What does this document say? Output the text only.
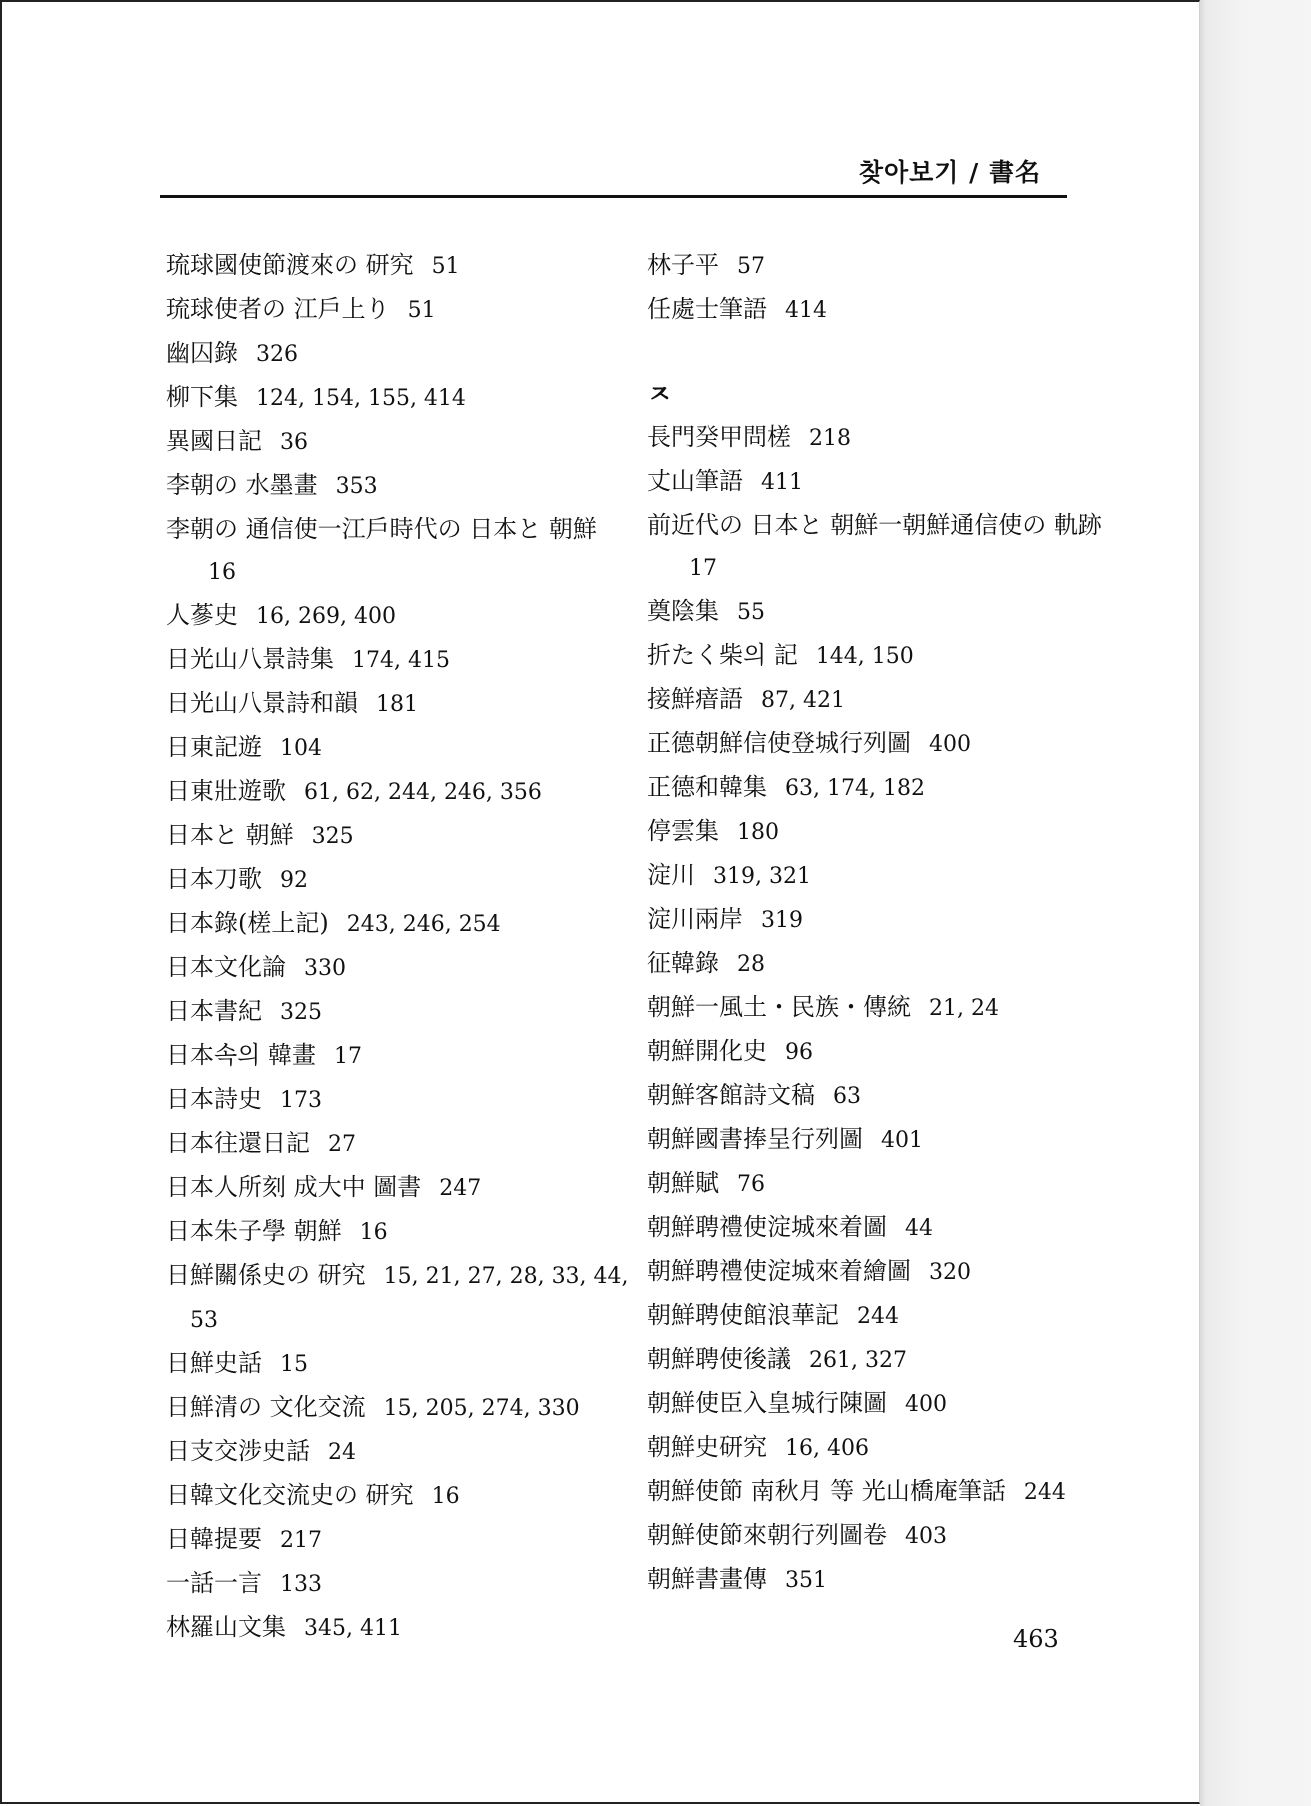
찾아보기 / 書名
琉球國使節渡來の 研究 51
琉球使者の 江戶上り 51
幽囚錄 326
柳下集 124, 154, 155, 414
異國日記 36
李朝の 水墨畫 353
李朝の 通信使一江戶時代の 日本と 朝鮮16
人蔘史 16, 269, 400
日光山八景詩集 174, 415
日光山八景詩和韻 181
日東記遊 104
日東壯遊歌 61, 62, 244, 246, 356
日本と 朝鮮 325
日本刀歌 92
日本錄(槎上記) 243, 246, 254
日本文化論 330
日本書紀 325
日本속의 韓畫 17
日本詩史 173
日本往還日記 27
日本人所刻 成大中 圖書 247
日本朱子學 朝鮮 16
日鮮關係史の 研究 15, 21, 27, 28, 33, 44, 53
日鮮史話 15
日鮮清の 文化交流 15, 205, 274, 330
日支交涉史話 24
日韓文化交流史の 研究 16
日韓提要 217
一話一言 133
林羅山文集 345, 411
林子平 57
任處士筆語 414
ㅈ
長門癸甲問槎 218
丈山筆語 411
前近代の 日本と 朝鮮一朝鮮通信使の 軌跡17
奠陰集 55
折たく柴의 記 144, 150
接鮮瘖語 87, 421
正德朝鮮信使登城行列圖 400
正德和韓集 63, 174, 182
停雲集 180
淀川 319, 321
淀川兩岸 319
征韓錄 28
朝鮮一風土・民族・傳統 21, 24
朝鮮開化史 96
朝鮮客館詩文稿 63
朝鮮國書捧呈行列圖 401
朝鮮賦 76
朝鮮聘禮使淀城來着圖 44
朝鮮聘禮使淀城來着繪圖 320
朝鮮聘使館浪華記 244
朝鮮聘使後議 261, 327
朝鮮使臣入皇城行陳圖 400
朝鮮史研究 16, 406
朝鮮使節 南秋月 等 光山橋庵筆話 244
朝鮮使節來朝行列圖卷 403
朝鮮書畫傳 351
463
